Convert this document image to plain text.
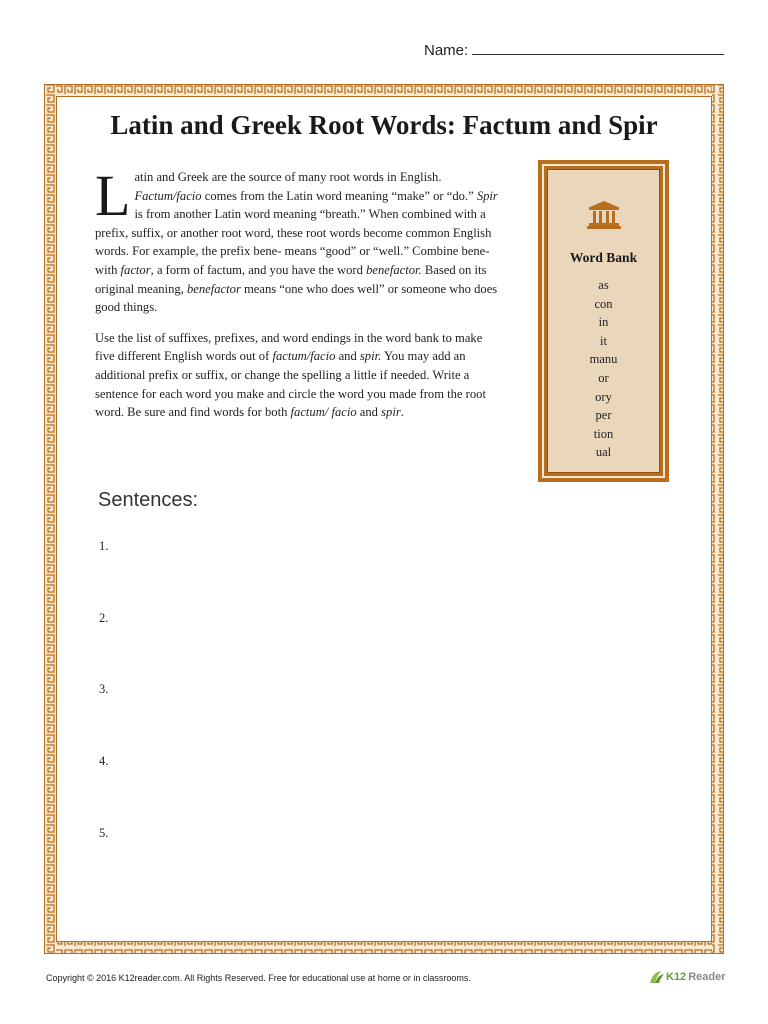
Name:
Latin and Greek Root Words: Factum and Spir

Latin and Greek are the source of many root words in English. Factum/facio comes from the Latin word meaning “make” or “do.” Spir is from another Latin word meaning “breath.” When combined with a prefix, suffix, or another root word, these root words become common English words. For example, the prefix bene- means “good” or “well.” Combine bene- with factor, a form of factum, and you have the word benefactor. Based on its original meaning, benefactor means “one who does well” or someone who does good things.

Use the list of suffixes, prefixes, and word endings in the word bank to make five different English words out of factum/facio and spir. You may add an additional prefix or suffix, or change the spelling a little if needed. Write a sentence for each word you make and circle the word you made from the root word. Be sure and find words for both factum/ facio and spir.

Word Bank
as
con
in
it
manu
or
ory
per
tion
ual
Sentences:
1.
2.
3.
4.
5.
Copyright © 2016 K12reader.com. All Rights Reserved. Free for educational use at home or in classrooms.	K12 Reader
